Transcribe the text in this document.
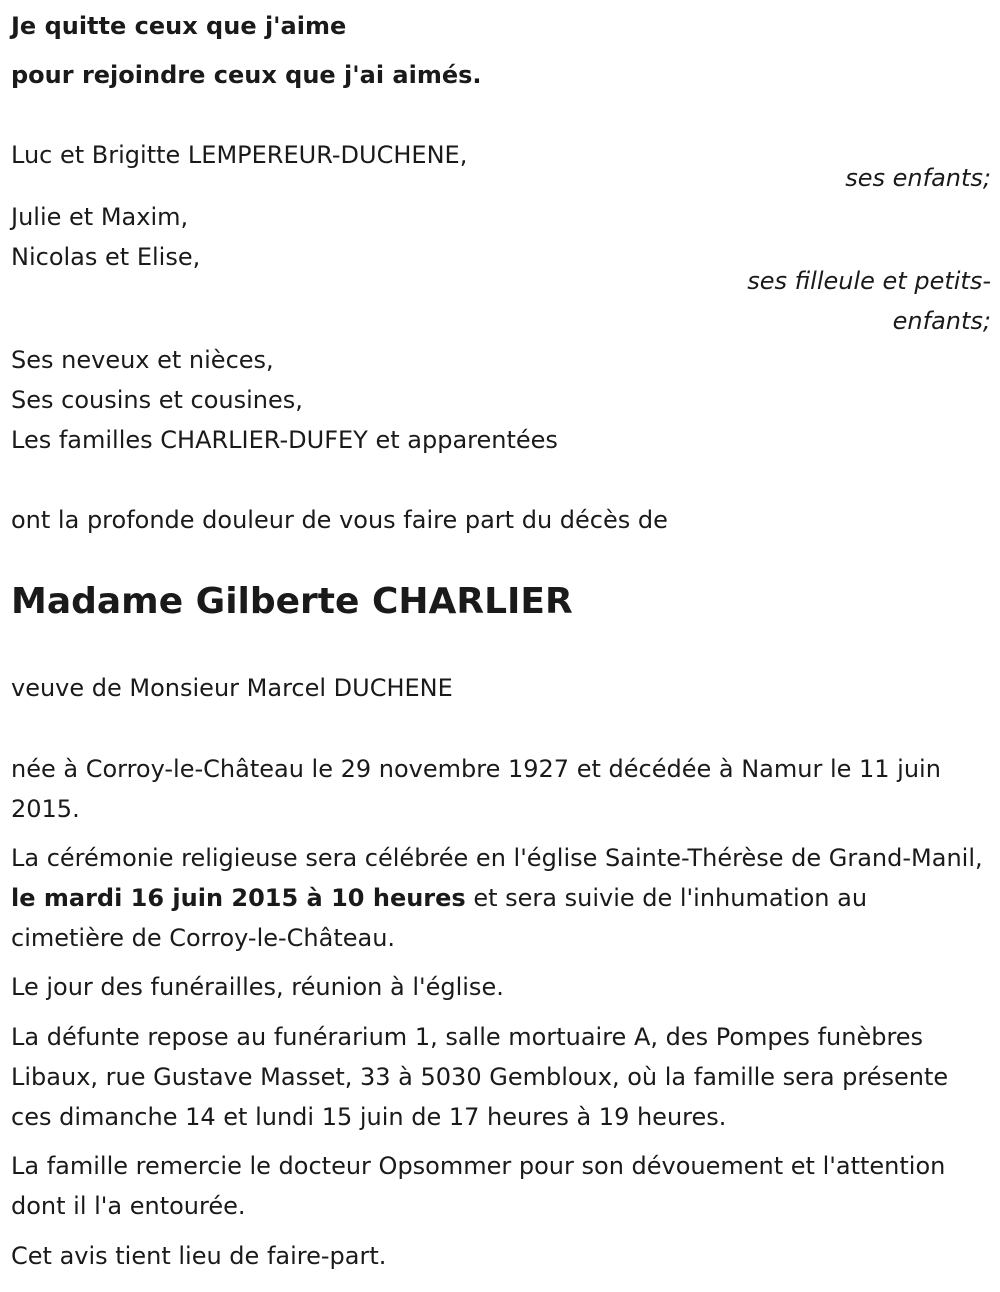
Je quitte ceux que j'aime
pour rejoindre ceux que j'ai aimés.
Luc et Brigitte LEMPEREUR-DUCHENE,
ses enfants;
Julie et Maxim,
Nicolas et Elise,
ses filleule et petits-
enfants;
Ses neveux et nièces,
Ses cousins et cousines,
Les familles CHARLIER-DUFEY et apparentées
ont la profonde douleur de vous faire part du décès de
Madame Gilberte CHARLIER
veuve de Monsieur Marcel DUCHENE
née à Corroy-le-Château le 29 novembre 1927 et décédée à Namur le 11 juin 2015.
La cérémonie religieuse sera célébrée en l'église Sainte-Thérèse de Grand-Manil, le mardi 16 juin 2015 à 10 heures et sera suivie de l'inhumation au cimetière de Corroy-le-Château.
Le jour des funérailles, réunion à l'église.
La défunte repose au funérarium 1, salle mortuaire A, des Pompes funèbres Libaux, rue Gustave Masset, 33 à 5030 Gembloux, où la famille sera présente ces dimanche 14 et lundi 15 juin de 17 heures à 19 heures.
La famille remercie le docteur Opsommer pour son dévouement et l'attention dont il l'a entourée.
Cet avis tient lieu de faire-part.
